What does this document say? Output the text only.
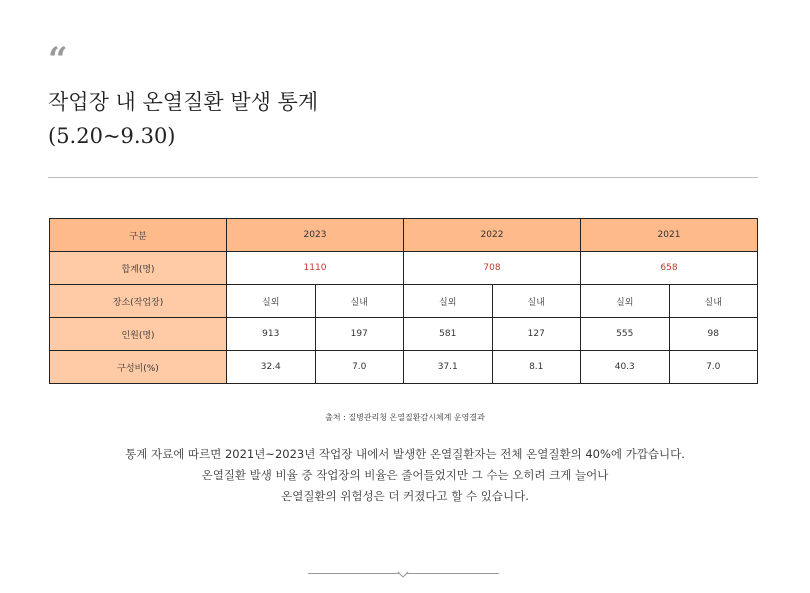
“
작업장 내 온열질환 발생 통계
(5.20~9.30)
구분	2023		2022		2021	
합계(명)	1110		708		658	
장소(작업장)	실외	실내	실외	실내	실외	실내
인원(명)	913	197	581	127	555	98
구성비(%)	32.4	7.0	37.1	8.1	40.3	7.0
출처 : 질병관리청 온열질환감시체계 운영결과

통계 자료에 따르면 2021년~2023년 작업장 내에서 발생한 온열질환자는 전체 온열질환의 40%에 가깝습니다.

온열질환 발생 비율 중 작업장의 비율은 줄어들었지만 그 수는 오히려 크게 늘어나

온열질환의 위험성은 더 커졌다고 할 수 있습니다.
